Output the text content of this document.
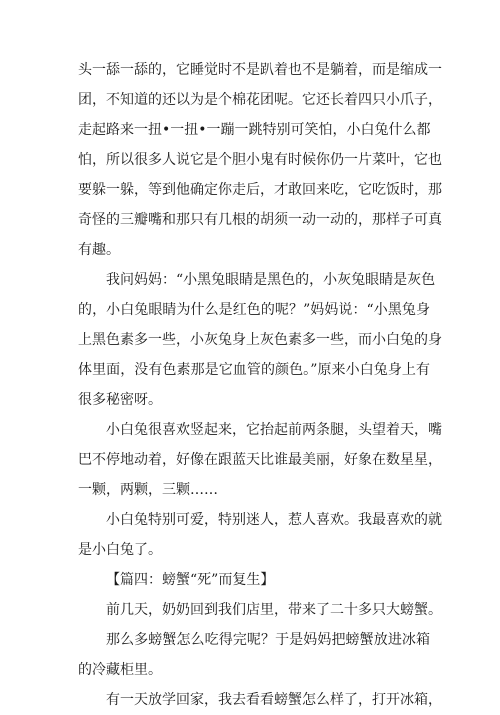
头一舔一舔的，它睡觉时不是趴着也不是躺着，而是缩成一
团，不知道的还以为是个棉花团呢。它还长着四只小爪子，
走起路来一扭•一扭•一蹦一跳特别可笑怕，小白兔什么都
怕，所以很多人说它是个胆小鬼有时候你仍一片菜叶，它也
要躲一躲，等到他确定你走后，才敢回来吃，它吃饭时，那
奇怪的三瓣嘴和那只有几根的胡须一动一动的，那样子可真
有趣。
我问妈妈：“小黑兔眼睛是黑色的，小灰兔眼睛是灰色
的，小白兔眼睛为什么是红色的呢？”妈妈说：“小黑兔身
上黑色素多一些，小灰兔身上灰色素多一些，而小白兔的身
体里面，没有色素那是它血管的颜色。”原来小白兔身上有
很多秘密呀。
小白兔很喜欢竖起来，它抬起前两条腿，头望着天，嘴
巴不停地动着，好像在跟蓝天比谁最美丽，好象在数星星，
一颗，两颗，三颗……
小白兔特别可爱，特别迷人，惹人喜欢。我最喜欢的就
是小白兔了。
【篇四：螃蟹“死”而复生】
前几天，奶奶回到我们店里，带来了二十多只大螃蟹。
那么多螃蟹怎么吃得完呢？于是妈妈把螃蟹放进冰箱
的冷藏柜里。
有一天放学回家，我去看看螃蟹怎么样了，打开冰箱，
